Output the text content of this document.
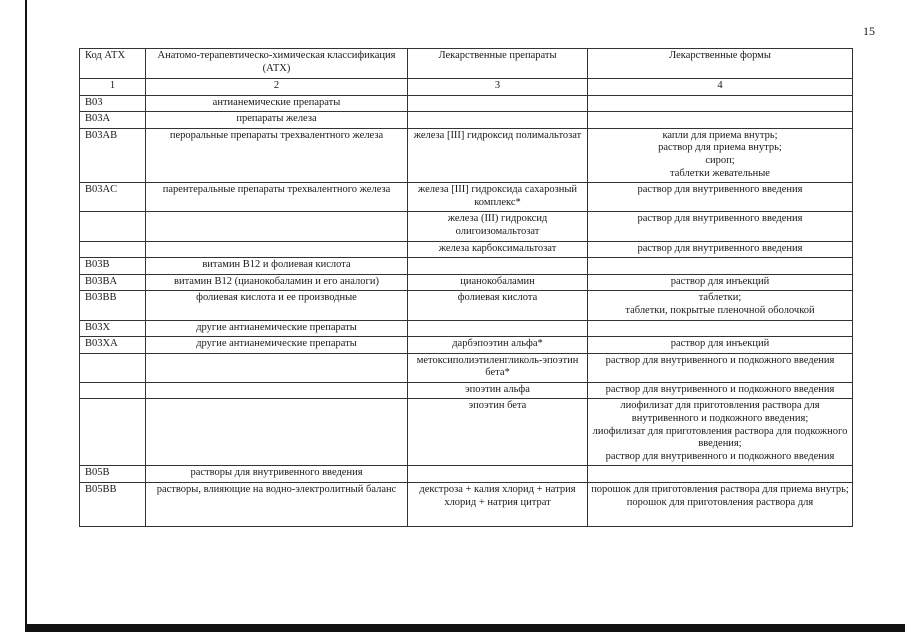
15
Код АТХ	Анатомо-терапевтическо-химическая классификация (АТХ)	Лекарственные препараты	Лекарственные формы
1	2	3	4
B03	антианемические препараты		
B03A	препараты железа		
B03AB	пероральные препараты трехвалентного железа	железа [III] гидроксид полимальтозат	капли для приема внутрь;
раствор для приема внутрь;
сироп;
таблетки жевательные
B03AC	парентеральные препараты трехвалентного железа	железа [III] гидроксида сахарозный комплекс*	раствор для внутривенного введения
		железа (III) гидроксид олигоизомальтозат	раствор для внутривенного введения
		железа карбоксимальтозат	раствор для внутривенного введения
B03B	витамин B12 и фолиевая кислота		
B03BA	витамин B12 (цианокобаламин и его аналоги)	цианокобаламин	раствор для инъекций
B03BB	фолиевая кислота и ее производные	фолиевая кислота	таблетки;
таблетки, покрытые пленочной оболочкой
B03X	другие антианемические препараты		
B03XA	другие антианемические препараты	дарбэпоэтин альфа*	раствор для инъекций
		метоксиполиэтиленгликоль-эпоэтин бета*	раствор для внутривенного и подкожного введения
		эпоэтин альфа	раствор для внутривенного и подкожного введения
		эпоэтин бета	лиофилизат для приготовления раствора для внутривенного и подкожного введения;
лиофилизат для приготовления раствора для подкожного введения;
раствор для внутривенного и подкожного введения
B05B	растворы для внутривенного введения		
B05BB	растворы, влияющие на водно-электролитный баланс	декстроза + калия хлорид + натрия хлорид + натрия цитрат	порошок для приготовления раствора для приема внутрь;
порошок для приготовления раствора для
